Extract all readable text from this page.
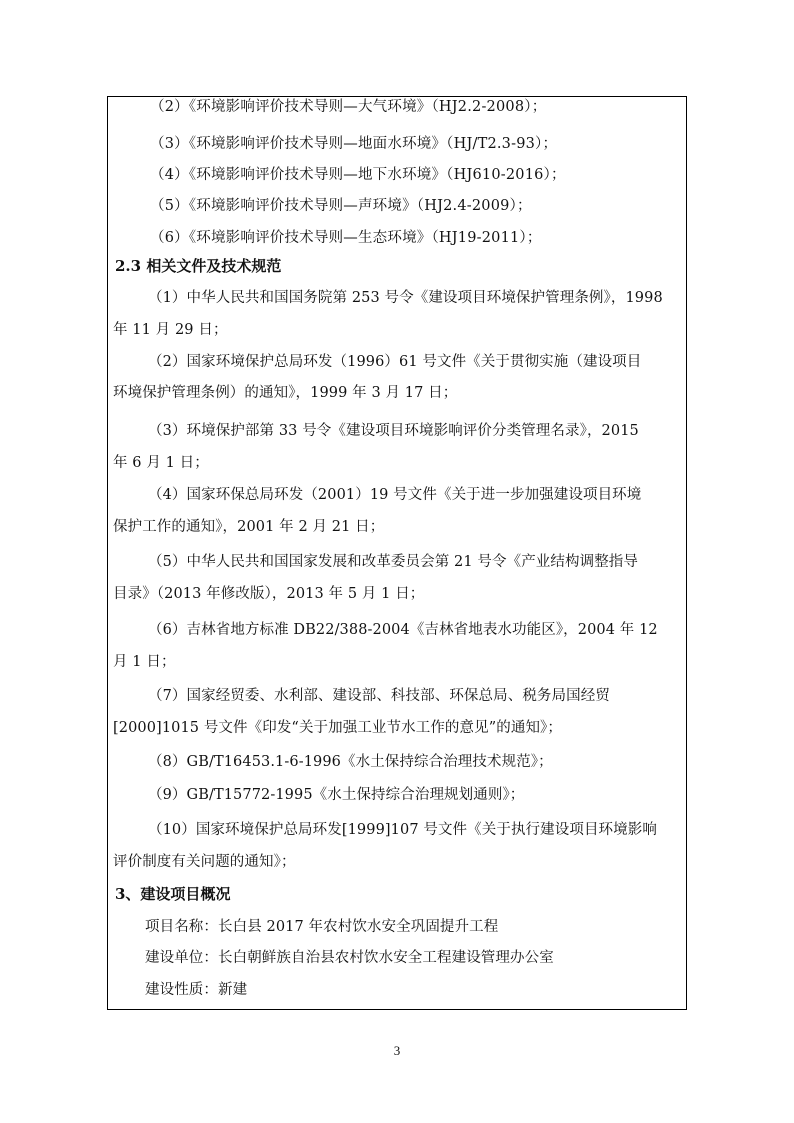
（2）《环境影响评价技术导则—大气环境》（HJ2.2-2008）；
（3）《环境影响评价技术导则—地面水环境》（HJ/T2.3-93）；
（4）《环境影响评价技术导则—地下水环境》（HJ610-2016）；
（5）《环境影响评价技术导则—声环境》（HJ2.4-2009）；
（6）《环境影响评价技术导则—生态环境》（HJ19-2011）；
2.3 相关文件及技术规范
（1）中华人民共和国国务院第 253 号令《建设项目环境保护管理条例》，1998
年 11 月 29 日；
（2）国家环境保护总局环发（1996）61 号文件《关于贯彻实施（建设项目
环境保护管理条例）的通知》，1999 年 3 月 17 日；
（3）环境保护部第 33 号令《建设项目环境影响评价分类管理名录》，2015
年 6 月 1 日；
（4）国家环保总局环发（2001）19 号文件《关于进一步加强建设项目环境
保护工作的通知》，2001 年 2 月 21 日；
（5）中华人民共和国国家发展和改革委员会第 21 号令《产业结构调整指导
目录》（2013 年修改版），2013 年 5 月 1 日；
（6）吉林省地方标准 DB22/388-2004《吉林省地表水功能区》，2004 年 12
月 1 日；
（7）国家经贸委、水利部、建设部、科技部、环保总局、税务局国经贸
[2000]1015 号文件《印发“关于加强工业节水工作的意见”的通知》；
（8）GB/T16453.1-6-1996《水土保持综合治理技术规范》；
（9）GB/T15772-1995《水土保持综合治理规划通则》；
（10）国家环境保护总局环发[1999]107 号文件《关于执行建设项目环境影响
评价制度有关问题的通知》；
3、建设项目概况
项目名称：长白县 2017 年农村饮水安全巩固提升工程
建设单位：长白朝鲜族自治县农村饮水安全工程建设管理办公室
建设性质：新建
3
